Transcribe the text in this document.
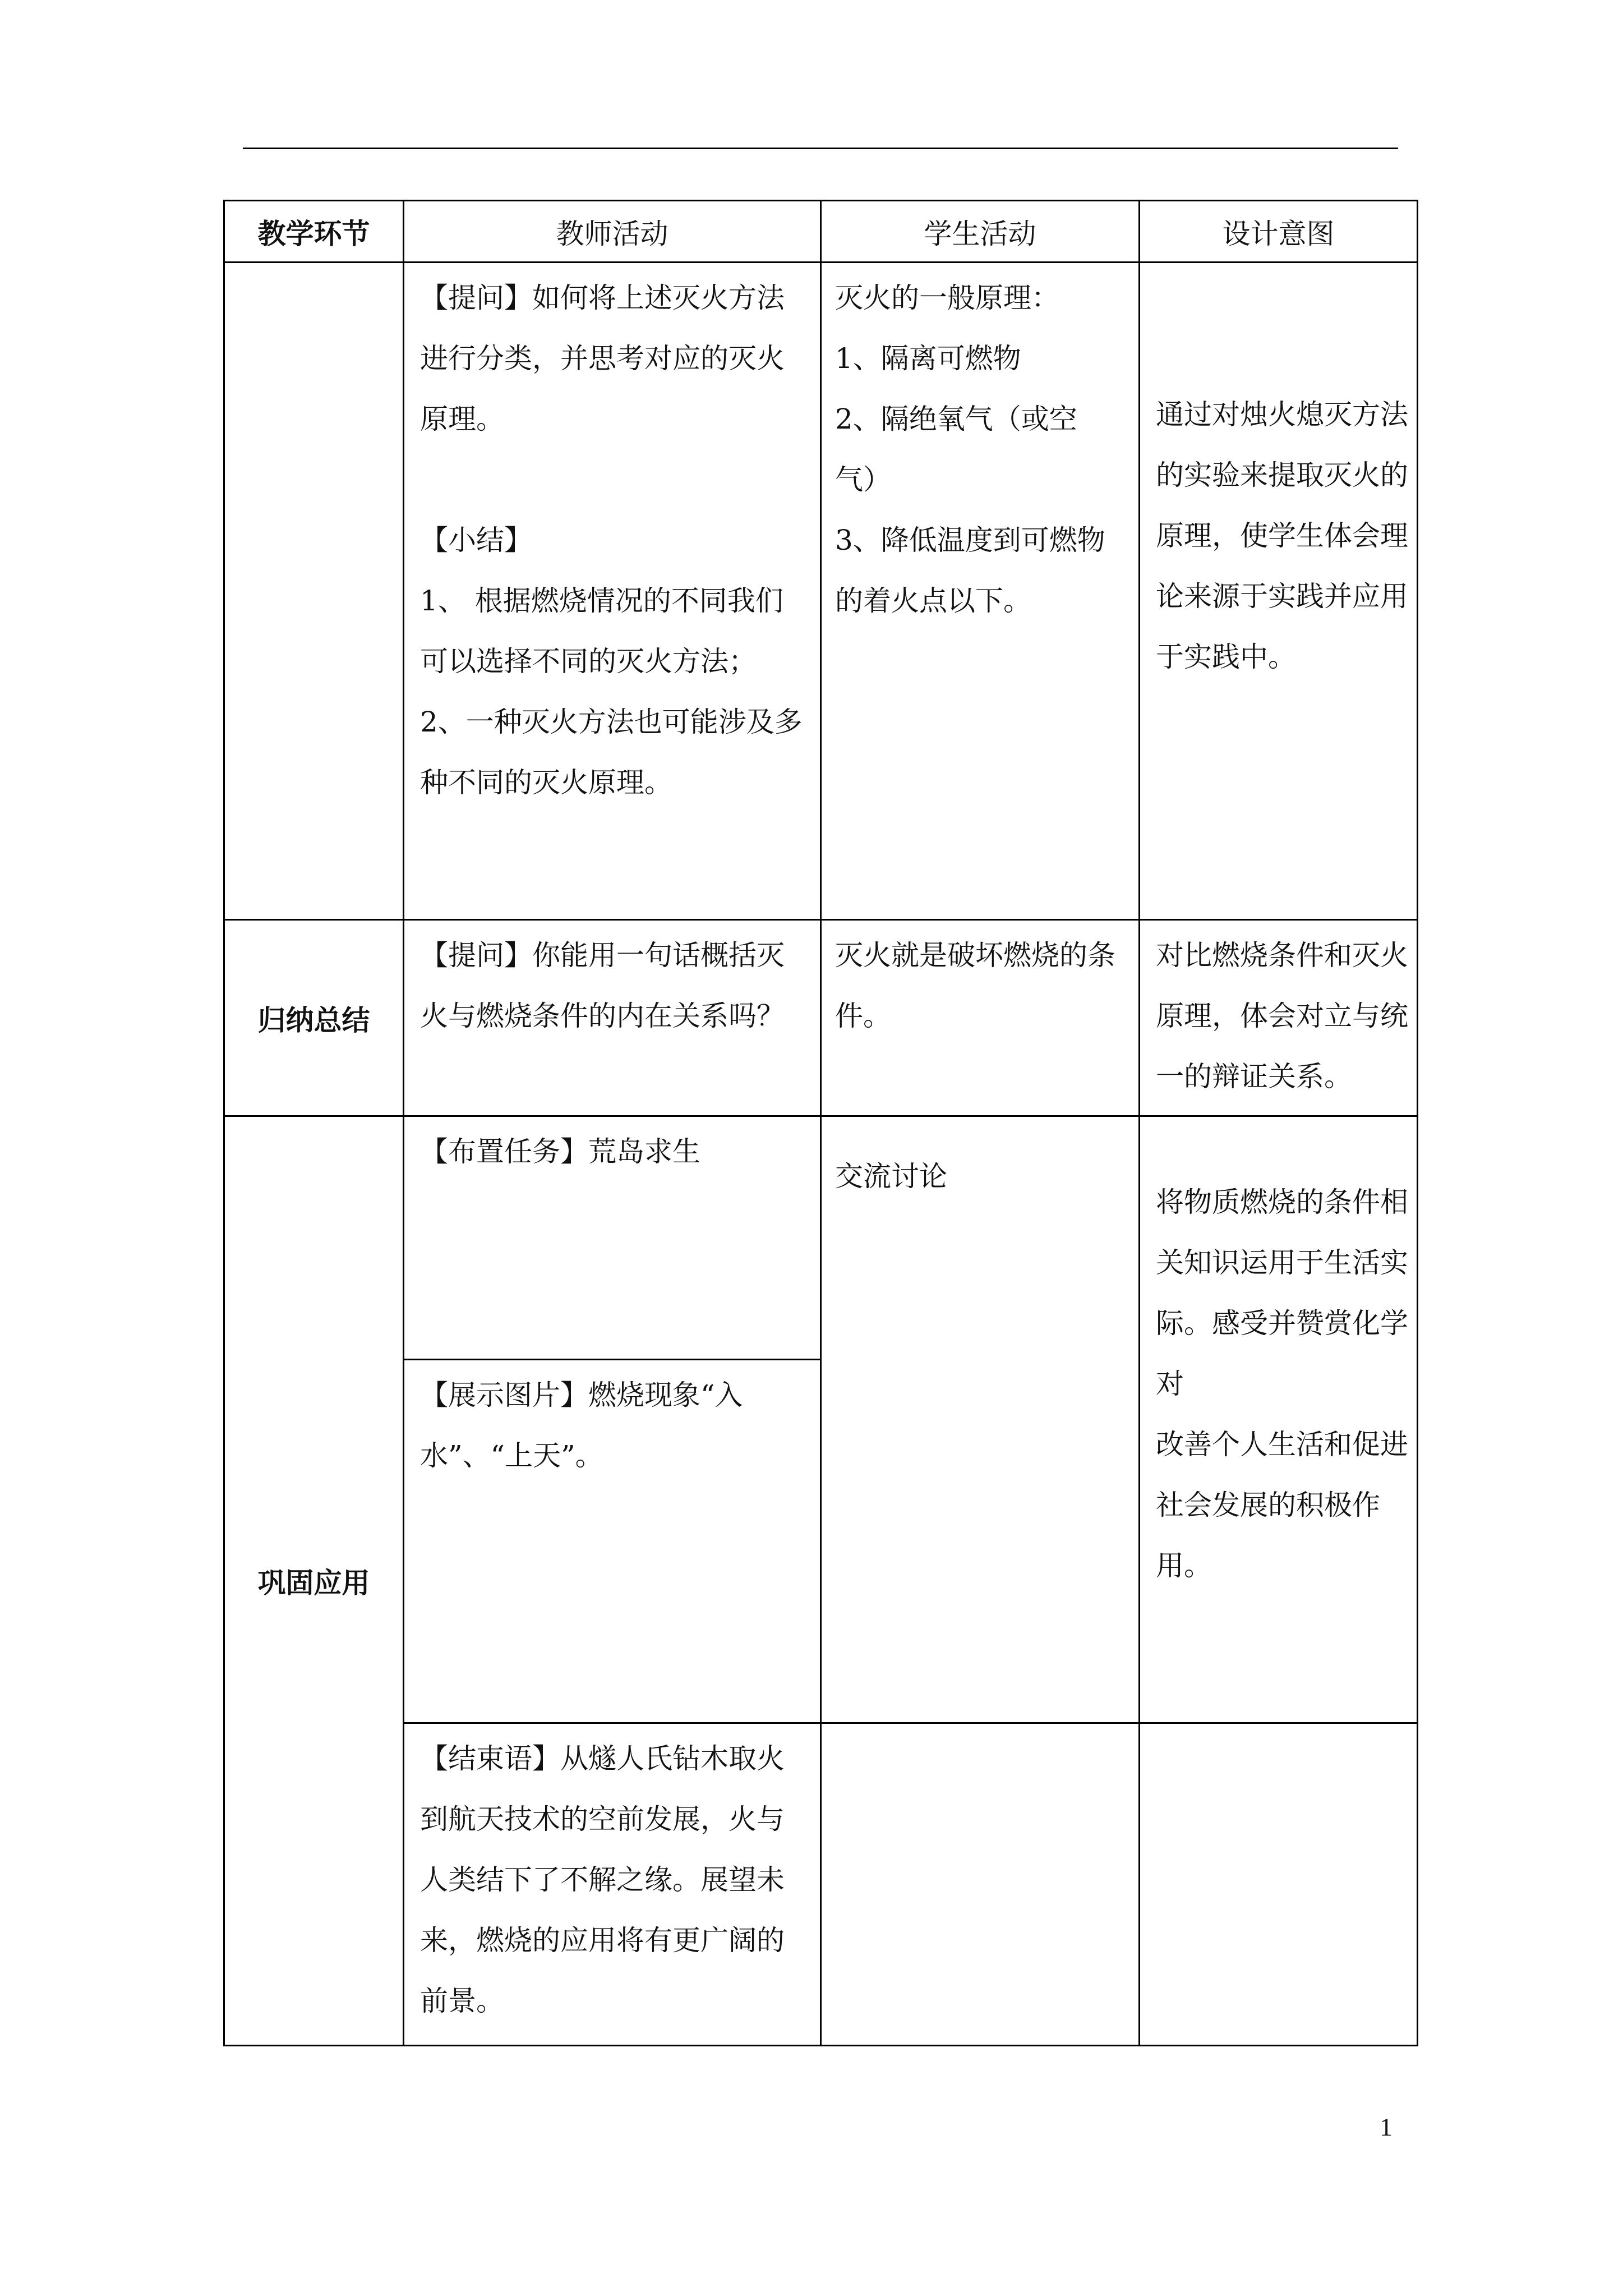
教学环节	教师活动	学生活动	设计意图

	【提问】如何将上述灭火方法进行分类，并思考对应的灭火原理。

【小结】
1、 根据燃烧情况的不同我们可以选择不同的灭火方法；
2、一种灭火方法也可能涉及多种不同的灭火原理。	灭火的一般原理：
1、隔离可燃物
2、隔绝氧气（或空气）
3、降低温度到可燃物的着火点以下。	通过对烛火熄灭方法的实验来提取灭火的原理，使学生体会理论来源于实践并应用于实践中。

归纳总结	【提问】你能用一句话概括灭火与燃烧条件的内在关系吗？	灭火就是破坏燃烧的条件。	对比燃烧条件和灭火原理，体会对立与统一的辩证关系。

巩固应用	【布置任务】荒岛求生	交流讨论	将物质燃烧的条件相关知识运用于生活实际。感受并赞赏化学对
改善个人生活和促进社会发展的积极作用。

	【展示图片】燃烧现象“入水”、“上天”。		

	【结束语】从燧人氏钻木取火到航天技术的空前发展，火与人类结下了不解之缘。展望未来，燃烧的应用将有更广阔的前景。		

1
